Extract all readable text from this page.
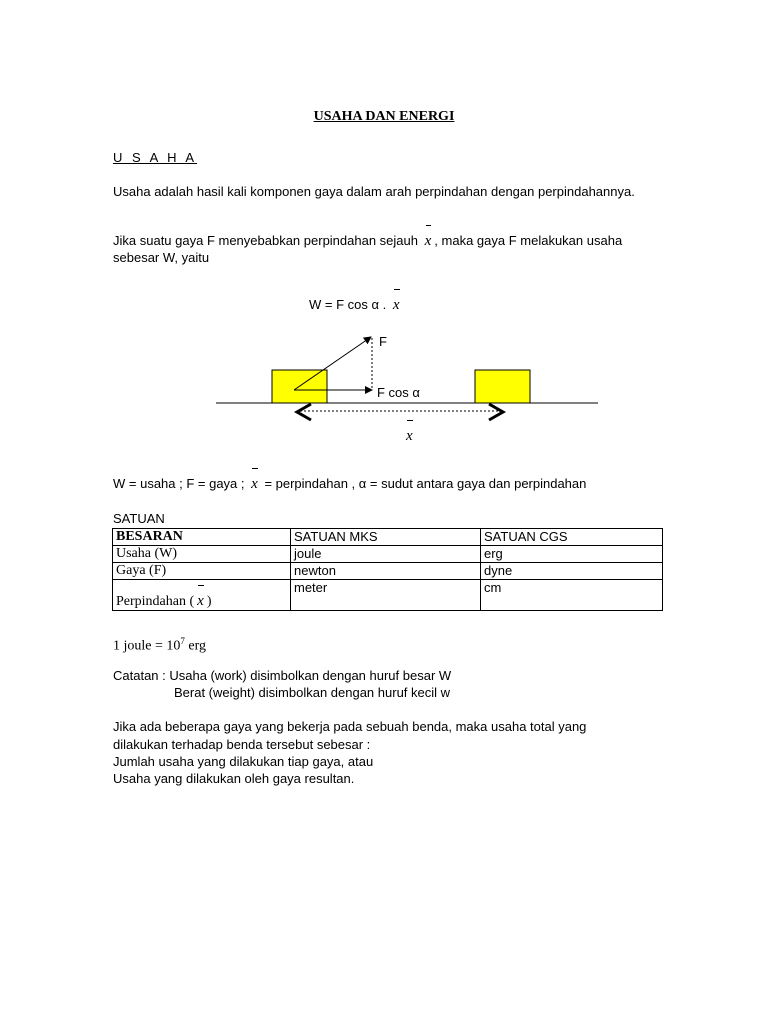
USAHA DAN ENERGI
U S A H A
Usaha adalah hasil kali komponen gaya dalam arah perpindahan dengan perpindahannya.
Jika suatu gaya F menyebabkan perpindahan sejauh x , maka gaya F melakukan usaha
sebesar W, yaitu
W = F cos α . x
F
F cos α
x
W = usaha ; F = gaya ; x = perpindahan , α = sudut antara gaya dan perpindahan
SATUAN
BESARAN	SATUAN MKS	SATUAN CGS
Usaha (W)	joule	erg
Gaya (F)	newton	dyne
Perpindahan ( x )	meter	cm
1 joule = $10^7$ erg
Catatan : Usaha (work) disimbolkan dengan huruf besar W
Berat (weight) disimbolkan dengan huruf kecil w
Jika ada beberapa gaya yang bekerja pada sebuah benda, maka usaha total yang
dilakukan terhadap benda tersebut sebesar :
Jumlah usaha yang dilakukan tiap gaya, atau
Usaha yang dilakukan oleh gaya resultan.
